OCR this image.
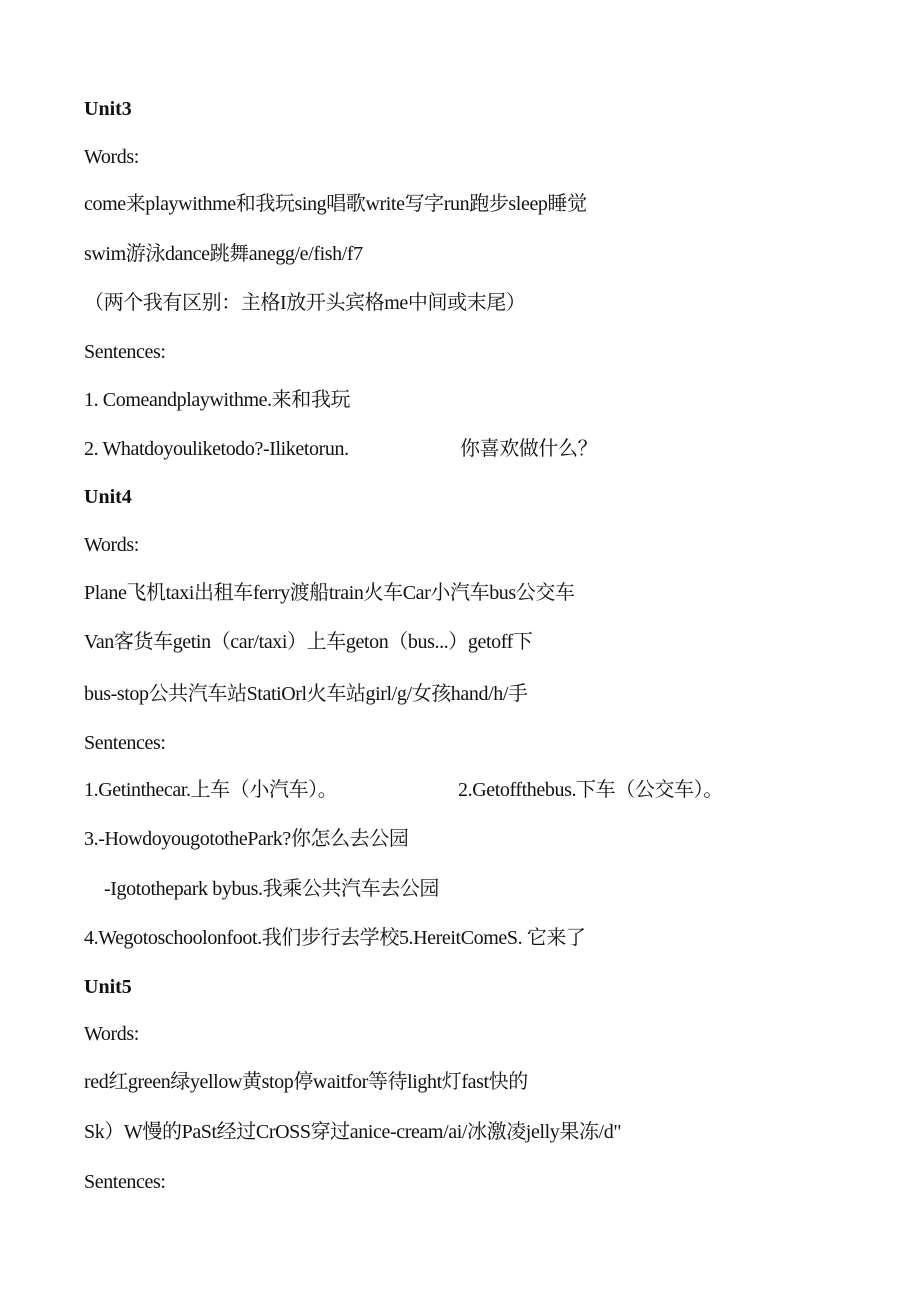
Unit3
Words:
come来playwithme和我玩sing唱歌write写字run跑步sleep睡觉
swim游泳dance跳舞anegg/e/fish/f7
（两个我有区别：主格I放开头宾格me中间或末尾）
Sentences:
1. Comeandplaywithme.来和我玩
2. Whatdoyouliketodo?-Iliketorun.	你喜欢做什么？
Unit4
Words:
Plane飞机taxi出租车ferry渡船train火车Car小汽车bus公交车
Van客货车getin（car/taxi）上车geton（bus...）getoff下
bus-stop公共汽车站StatiOrl火车站girl/g/女孩hand/h/手
Sentences:
1.Getinthecar.上车（小汽车）。	2.Getoffthebus.下车（公交车）。
3.-HowdoyougotothePark?你怎么去公园
-Igotothepark bybus.我乘公共汽车去公园
4.Wegotoschoolonfoot.我们步行去学校5.HereitComeS. 它来了
Unit5
Words:
red红green绿yellow黄stop停waitfor等待light灯fast快的
Sk）W慢的PaSt经过CrOSS穿过anice-cream/ai/冰激凌jelly果冻/d"
Sentences:
